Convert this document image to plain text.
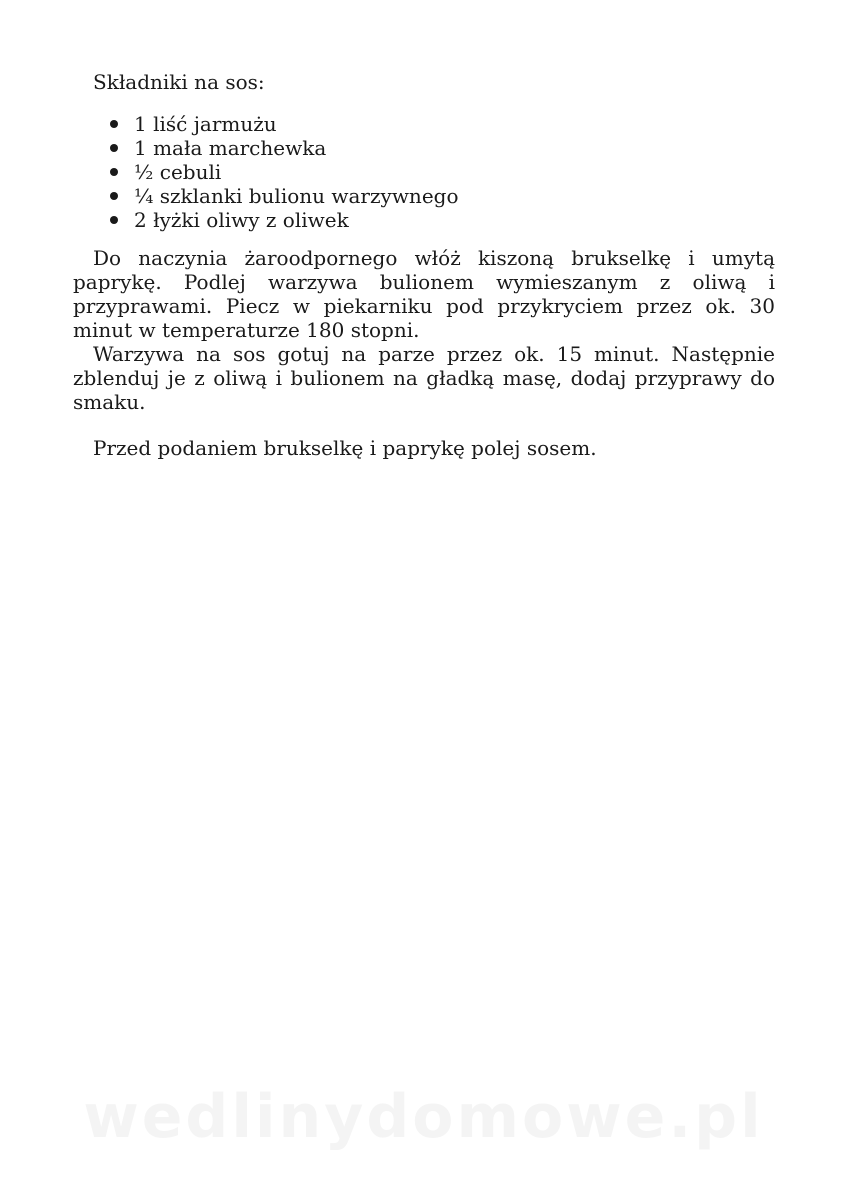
Składniki na sos:

1 liść jarmużu
1 mała marchewka
½ cebuli
¼ szklanki bulionu warzywnego
2 łyżki oliwy z oliwek

Do naczynia żaroodpornego włóż kiszoną brukselkę i umytą paprykę. Podlej warzywa bulionem wymieszanym z oliwą i przyprawami. Piecz w piekarniku pod przykryciem przez ok. 30 minut w temperaturze 180 stopni.

Warzywa na sos gotuj na parze przez ok. 15 minut. Następnie zblenduj je z oliwą i bulionem na gładką masę, dodaj przyprawy do smaku.

Przed podaniem brukselkę i paprykę polej sosem.

wedlinydomowe.pl
